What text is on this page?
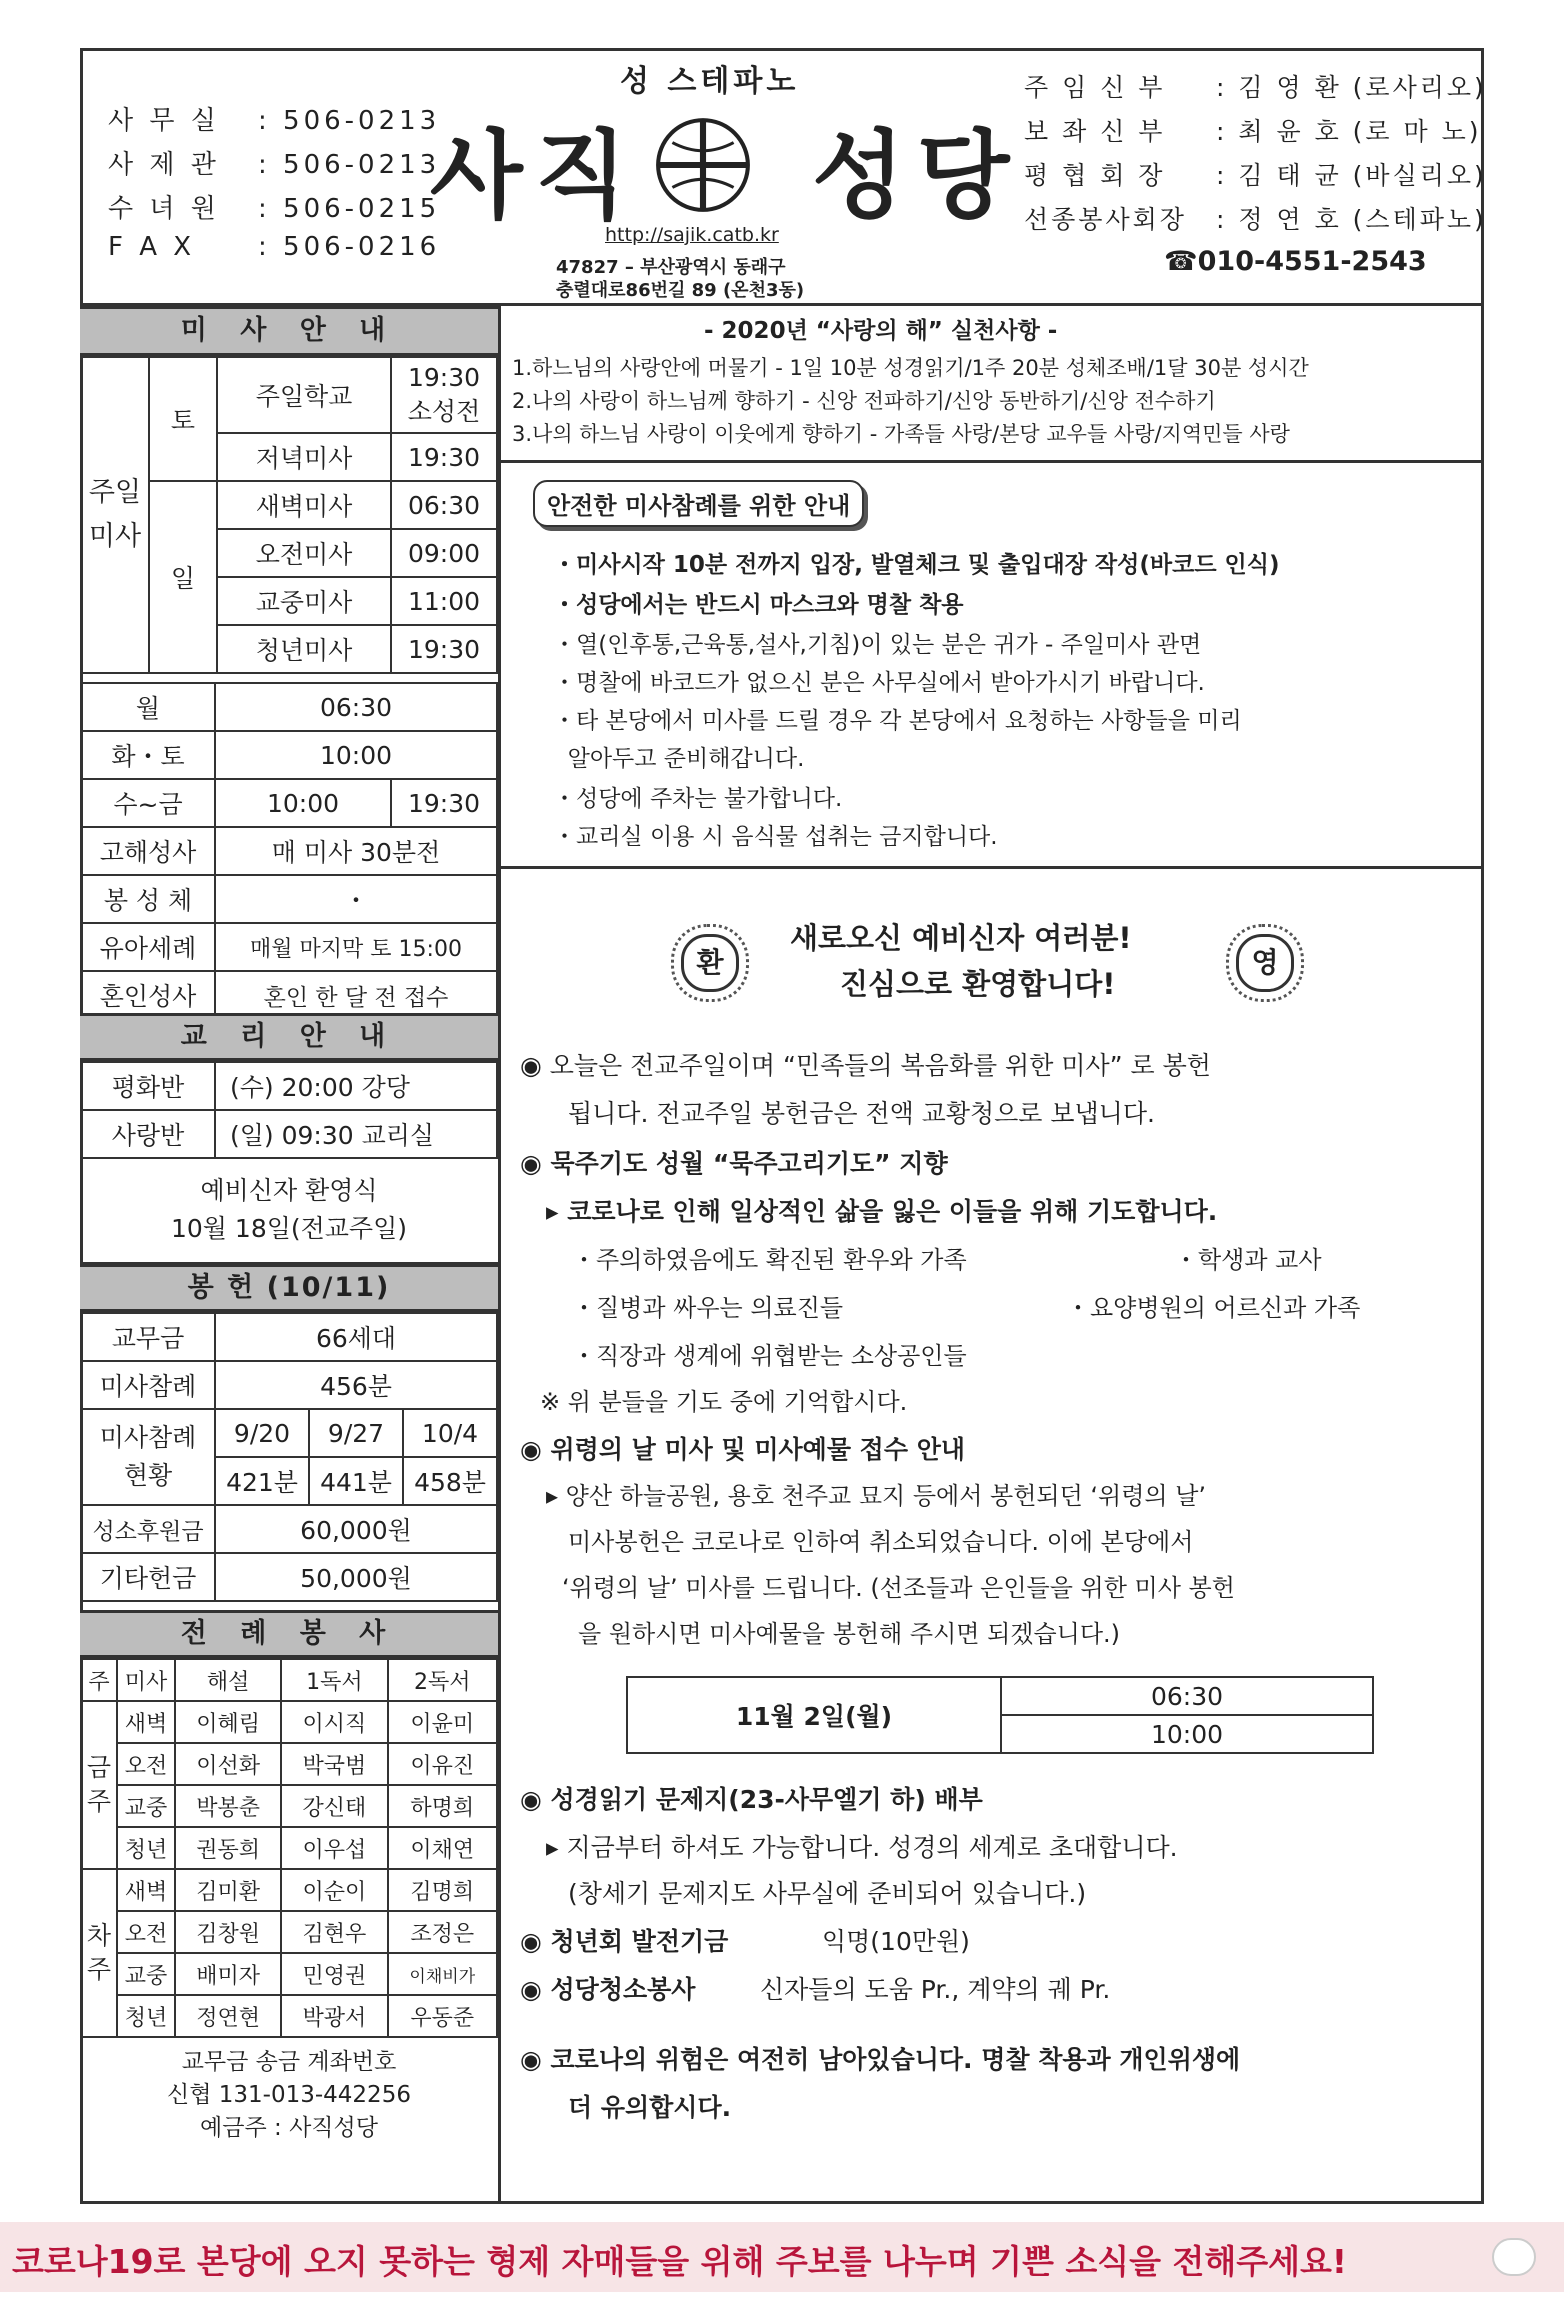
사 무 실 : 506-0213
사 제 관 : 506-0213
수 녀 원 : 506-0215
F A X : 506-0216
성 스테파노
사직 성당
http://sajik.catb.kr
47827 – 부산광역시 동래구
충렬대로86번길 89 (온천3동)
주 임 신 부 : 김 영 환 (로사리오)
보 좌 신 부 : 최 윤 호 (로 마 노)
평 협 회 장 : 김 태 균 (바실리오)
선종봉사회장 : 정 연 호 (스테파노)
☎010-4551-2543
미 사 안 내
주일미사	토	주일학교	19:30 소성전
		저녁미사	19:30
	일	새벽미사	06:30
		오전미사	09:00
		교중미사	11:00
		청년미사	19:30
월	06:30	
화・토	10:00	
수~금	10:00	19:30
고해성사	매 미사 30분전	
봉 성 체	・	
유아세례	매월 마지막 토 15:00	
혼인성사	혼인 한 달 전 접수	
교 리 안 내
평화반	(수) 20:00 강당
사랑반	(일) 09:30 교리실
예비신자 환영식
10월 18일(전교주일)
봉 헌 (10/11)
교무금	66세대		
미사참례	456분		
미사참례
현황	9/20	9/27	10/4
	421분	441분	458분
성소후원금	60,000원		
기타헌금	50,000원		
전 례 봉 사
주	미사	해설	1독서	2독서
금주	새벽	이혜림	이시직	이윤미
	오전	이선화	박국범	이유진
	교중	박봉춘	강신태	하명희
	청년	권동희	이우섭	이채연
차주	새벽	김미환	이순이	김명희
	오전	김창원	김현우	조정은
	교중	배미자	민영권	이채비가
	청년	정연현	박광서	우동준
교무금 송금 계좌번호
신협 131-013-442256
예금주 : 사직성당
- 2020년 “사랑의 해” 실천사항 -
1.하느님의 사랑안에 머물기 - 1일 10분 성경읽기/1주 20분 성체조배/1달 30분 성시간
2.나의 사랑이 하느님께 향하기 - 신앙 전파하기/신앙 동반하기/신앙 전수하기
3.나의 하느님 사랑이 이웃에게 향하기 - 가족들 사랑/본당 교우들 사랑/지역민들 사랑
안전한 미사참례를 위한 안내
・미사시작 10분 전까지 입장, 발열체크 및 출입대장 작성(바코드 인식)
・성당에서는 반드시 마스크와 명찰 착용
・열(인후통,근육통,설사,기침)이 있는 분은 귀가 - 주일미사 관면
・명찰에 바코드가 없으신 분은 사무실에서 받아가시기 바랍니다.
・타 본당에서 미사를 드릴 경우 각 본당에서 요청하는 사항들을 미리
알아두고 준비해갑니다.
・성당에 주차는 불가합니다.
・교리실 이용 시 음식물 섭취는 금지합니다.
환
새로오신 예비신자 여러분!
진심으로 환영합니다!
영
◉ 오늘은 전교주일이며 “민족들의 복음화를 위한 미사” 로 봉헌
됩니다. 전교주일 봉헌금은 전액 교황청으로 보냅니다.
◉ 묵주기도 성월 “묵주고리기도” 지향
▸ 코로나로 인해 일상적인 삶을 잃은 이들을 위해 기도합니다.
・주의하였음에도 확진된 환우와 가족	・학생과 교사
・질병과 싸우는 의료진들	・요양병원의 어르신과 가족
・직장과 생계에 위협받는 소상공인들
※ 위 분들을 기도 중에 기억합시다.
◉ 위령의 날 미사 및 미사예물 접수 안내
▸ 양산 하늘공원, 용호 천주교 묘지 등에서 봉헌되던 ‘위령의 날’
미사봉헌은 코로나로 인하여 취소되었습니다. 이에 본당에서
‘위령의 날’ 미사를 드립니다. (선조들과 은인들을 위한 미사 봉헌
을 원하시면 미사예물을 봉헌해 주시면 되겠습니다.)
11월 2일(월)	06:30
10:00
◉ 성경읽기 문제지(23-사무엘기 하) 배부
▸ 지금부터 하셔도 가능합니다. 성경의 세계로 초대합니다.
(창세기 문제지도 사무실에 준비되어 있습니다.)
◉ 청년회 발전기금	익명(10만원)
◉ 성당청소봉사	신자들의 도움 Pr., 계약의 궤 Pr.
◉ 코로나의 위험은 여전히 남아있습니다. 명찰 착용과 개인위생에
더 유의합시다.
코로나19로 본당에 오지 못하는 형제 자매들을 위해 주보를 나누며 기쁜 소식을 전해주세요!
